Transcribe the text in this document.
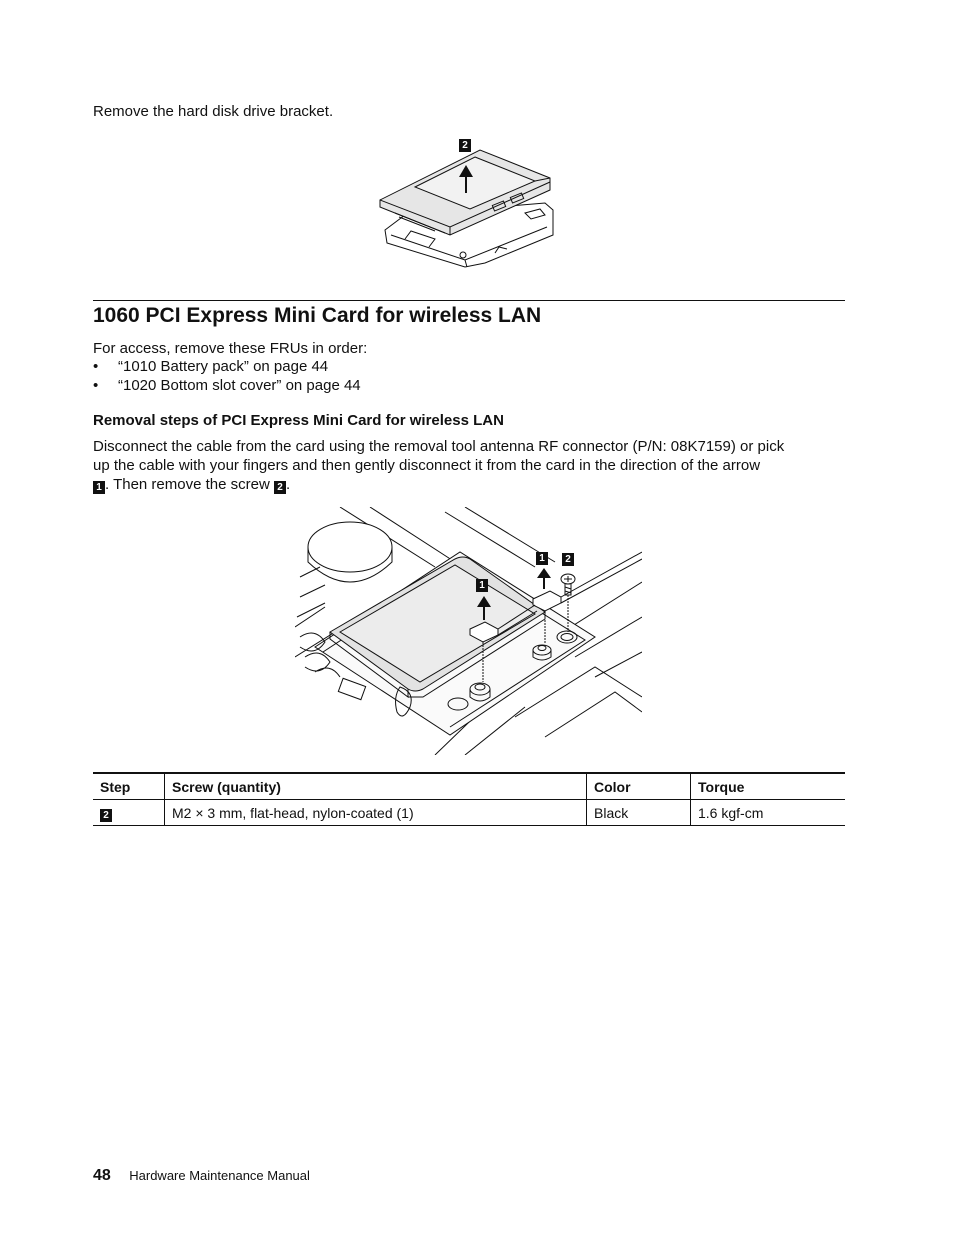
Remove the hard disk drive bracket.
2
1060 PCI Express Mini Card for wireless LAN
For access, remove these FRUs in order:
• “1010 Battery pack” on page 44
• “1020 Bottom slot cover” on page 44
Removal steps of PCI Express Mini Card for wireless LAN
Disconnect the cable from the card using the removal tool antenna RF connector (P/N: 08K7159) or pick
up the cable with your fingers and then gently disconnect it from the card in the direction of the arrow
1 . Then remove the screw 2 .
1	2
1
Step	Screw (quantity)	Color	Torque
2	M2 × 3 mm, flat-head, nylon-coated (1)	Black	1.6 kgf-cm
48 Hardware Maintenance Manual
